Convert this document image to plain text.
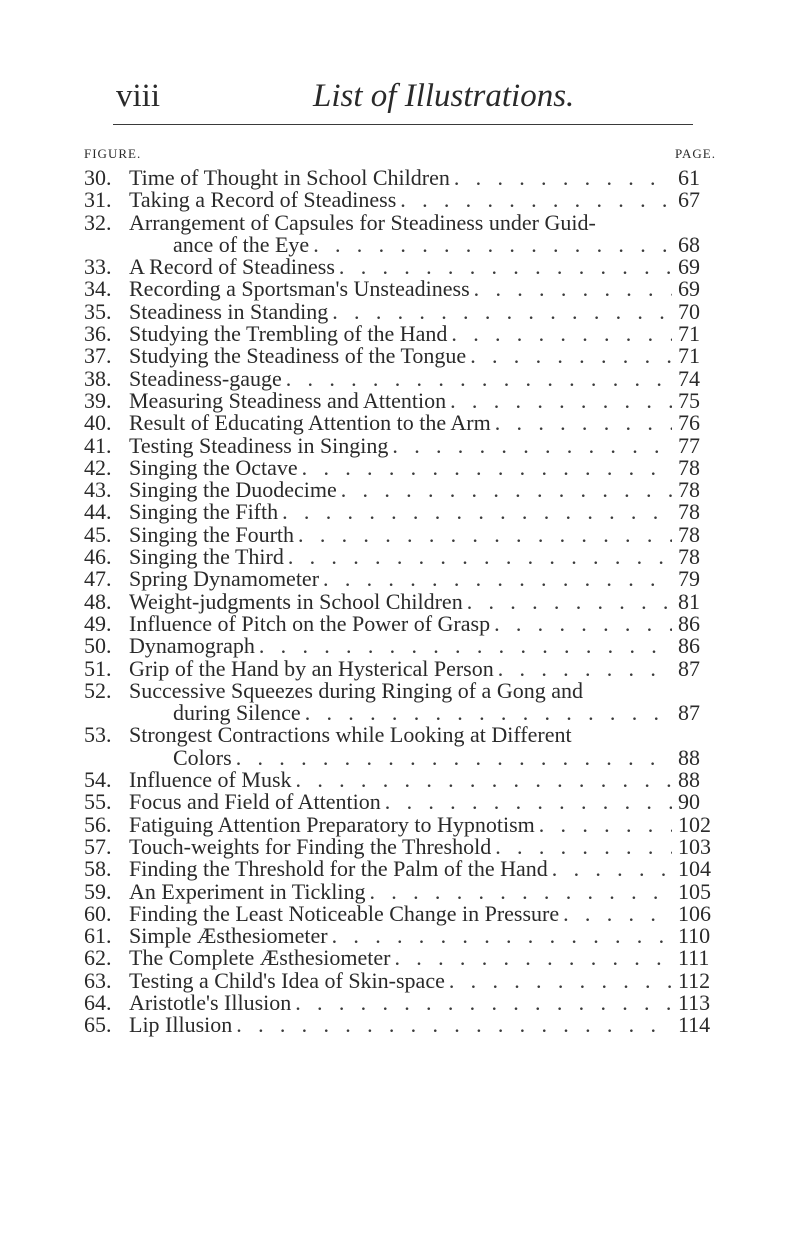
viii	List of Illustrations.
FIGURE.	PAGE.
30. Time of Thought in School Children . . .	61
31. Taking a Record of Steadiness . . .	67
32. Arrangement of Capsules for Steadiness under Guid-
ance of the Eye . . .	68
33. A Record of Steadiness . . .	69
34. Recording a Sportsman's Unsteadiness . . .	69
35. Steadiness in Standing . . .	70
36. Studying the Trembling of the Hand . . .	71
37. Studying the Steadiness of the Tongue . . .	71
38. Steadiness-gauge . . .	74
39. Measuring Steadiness and Attention . . .	75
40. Result of Educating Attention to the Arm . . .	76
41. Testing Steadiness in Singing . . .	77
42. Singing the Octave . . .	78
43. Singing the Duodecime . . .	78
44. Singing the Fifth . . .	78
45. Singing the Fourth . . .	78
46. Singing the Third . . .	78
47. Spring Dynamometer . . .	79
48. Weight-judgments in School Children . . .	81
49. Influence of Pitch on the Power of Grasp . . .	86
50. Dynamograph . . .	86
51. Grip of the Hand by an Hysterical Person . . .	87
52. Successive Squeezes during Ringing of a Gong and
during Silence . . .	87
53. Strongest Contractions while Looking at Different
Colors . . .	88
54. Influence of Musk . . .	88
55. Focus and Field of Attention . . .	90
56. Fatiguing Attention Preparatory to Hypnotism . . .	102
57. Touch-weights for Finding the Threshold . . .	103
58. Finding the Threshold for the Palm of the Hand . . .	104
59. An Experiment in Tickling . . .	105
60. Finding the Least Noticeable Change in Pressure . . .	106
61. Simple Æsthesiometer . . .	110
62. The Complete Æsthesiometer . . .	111
63. Testing a Child's Idea of Skin-space . . .	112
64. Aristotle's Illusion . . .	113
65. Lip Illusion . . .	114
